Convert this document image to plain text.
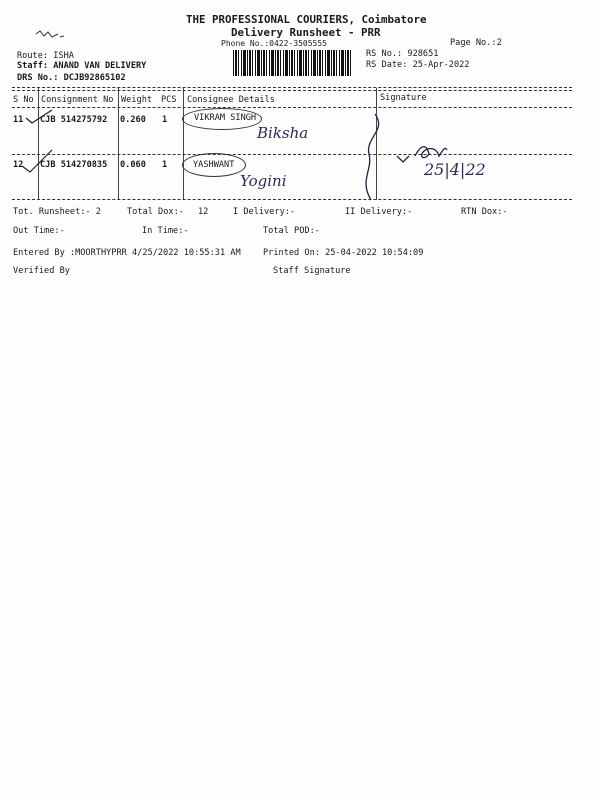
THE PROFESSIONAL COURIERS, Coimbatore
Delivery Runsheet - PRR
Phone No.:0422-3505555	Page No.:2
Route: ISHA
Staff: ANAND VAN DELIVERY
DRS No.: DCJB92865102
RS No.: 928651
RS Date: 25-Apr-2022
S No Consignment No Weight PCS Consignee Details	Signature
11 CJB 514275792 0.260 1	VIKRAM SINGH
Biksha
12 CJB 514270835 0.060 1	YASHWANT
Yogini
25|4|22
Tot. Runsheet:- 2	Total Dox:- 12	I Delivery:-	II Delivery:-	RTN Dox:-
Out Time:-	In Time:-	Total POD:-
Entered By :MOORTHYPRR 4/25/2022 10:55:31 AM	Printed On: 25-04-2022 10:54:09
Verified By	Staff Signature
